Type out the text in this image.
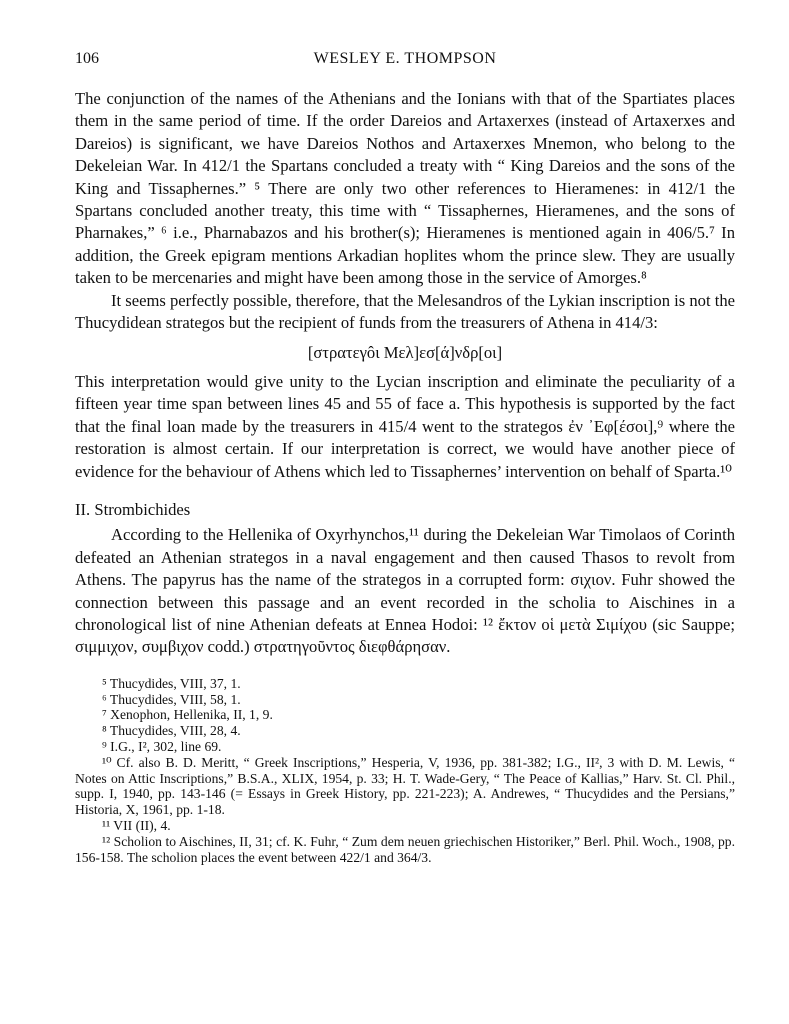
106	WESLEY E. THOMPSON

The conjunction of the names of the Athenians and the Ionians with that of the Spartiates places them in the same period of time. If the order Dareios and Artaxerxes (instead of Artaxerxes and Dareios) is significant, we have Dareios Nothos and Artaxerxes Mnemon, who belong to the Dekeleian War. In 412/1 the Spartans concluded a treaty with “ King Dareios and the sons of the King and Tissaphernes.” ⁵ There are only two other references to Hieramenes: in 412/1 the Spartans concluded another treaty, this time with “ Tissaphernes, Hieramenes, and the sons of Pharnakes,” ⁶ i.e., Pharnabazos and his brother(s); Hieramenes is mentioned again in 406/5.⁷ In addition, the Greek epigram mentions Arkadian hoplites whom the prince slew. They are usually taken to be mercenaries and might have been among those in the service of Amorges.⁸

It seems perfectly possible, therefore, that the Melesandros of the Lykian inscription is not the Thucydidean strategos but the recipient of funds from the treasurers of Athena in 414/3:

[στρατεγôι Μελ]εσ[ά]νδρ[οι]

This interpretation would give unity to the Lycian inscription and eliminate the peculiarity of a fifteen year time span between lines 45 and 55 of face a. This hypothesis is supported by the fact that the final loan made by the treasurers in 415/4 went to the strategos ἐν ᾽Εφ[έσοι],⁹ where the restoration is almost certain. If our interpretation is correct, we would have another piece of evidence for the behaviour of Athens which led to Tissaphernes’ intervention on behalf of Sparta.¹⁰

II. Strombichides

According to the Hellenika of Oxyrhynchos,¹¹ during the Dekeleian War Timolaos of Corinth defeated an Athenian strategos in a naval engagement and then caused Thasos to revolt from Athens. The papyrus has the name of the strategos in a corrupted form: σιχιον. Fuhr showed the connection between this passage and an event recorded in the scholia to Aischines in a chronological list of nine Athenian defeats at Ennea Hodoi: ¹² ἔκτον οἱ μετὰ Σιμίχου (sic Sauppe; σιμμιχον, συμβιχον codd.) στρατηγοῦντος διεφθάρησαν.

⁵ Thucydides, VIII, 37, 1.

⁶ Thucydides, VIII, 58, 1.

⁷ Xenophon, Hellenika, II, 1, 9.

⁸ Thucydides, VIII, 28, 4.

⁹ I.G., I², 302, line 69.

¹⁰ Cf. also B. D. Meritt, “ Greek Inscriptions,” Hesperia, V, 1936, pp. 381-382; I.G., II², 3 with D. M. Lewis, “ Notes on Attic Inscriptions,” B.S.A., XLIX, 1954, p. 33; H. T. Wade-Gery, “ The Peace of Kallias,” Harv. St. Cl. Phil., supp. I, 1940, pp. 143-146 (= Essays in Greek History, pp. 221-223); A. Andrewes, “ Thucydides and the Persians,” Historia, X, 1961, pp. 1-18.

¹¹ VII (II), 4.

¹² Scholion to Aischines, II, 31; cf. K. Fuhr, “ Zum dem neuen griechischen Historiker,” Berl. Phil. Woch., 1908, pp. 156-158. The scholion places the event between 422/1 and 364/3.
